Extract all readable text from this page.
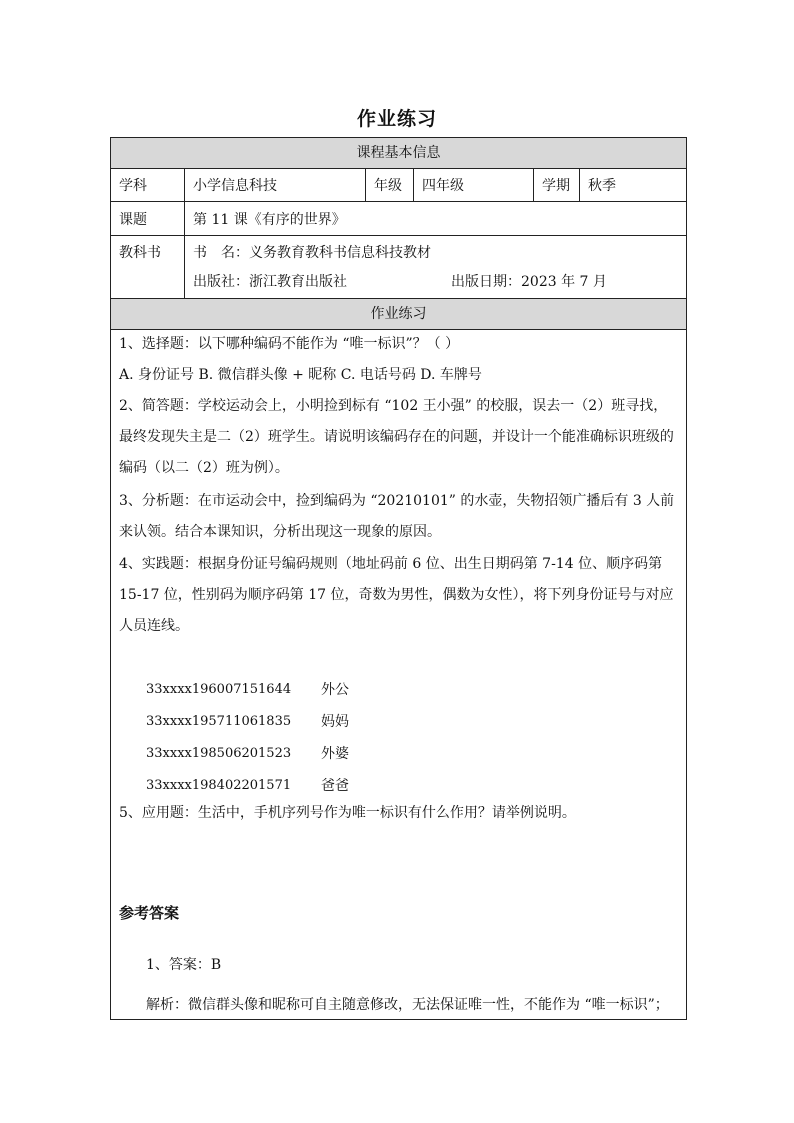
作业练习
课程基本信息
学科	小学信息科技	年级	四年级	学期	秋季
课题	第 11 课《有序的世界》
教科书	书　名：义务教育教科书信息科技教材
出版社：浙江教育出版社	出版日期：2023 年 7 月
作业练习
1、选择题：以下哪种编码不能作为 “唯一标识”？（ ）
A. 身份证号 B. 微信群头像 + 昵称 C. 电话号码 D. 车牌号
2、简答题：学校运动会上，小明捡到标有 “102 王小强” 的校服，误去一（2）班寻找，最终发现失主是二（2）班学生。请说明该编码存在的问题，并设计一个能准确标识班级的编码（以二（2）班为例）。
3、分析题：在市运动会中，捡到编码为 “20210101” 的水壶，失物招领广播后有 3 人前来认领。结合本课知识，分析出现这一现象的原因。
4、实践题：根据身份证号编码规则（地址码前 6 位、出生日期码第 7-14 位、顺序码第15-17 位，性别码为顺序码第 17 位，奇数为男性，偶数为女性），将下列身份证号与对应人员连线。
33xxxx196007151644 外公
33xxxx195711061835 妈妈
33xxxx198506201523 外婆
33xxxx198402201571 爸爸
5、应用题：生活中，手机序列号作为唯一标识有什么作用？请举例说明。
参考答案
1、答案：B
解析：微信群头像和昵称可自主随意修改，无法保证唯一性，不能作为 “唯一标识”；
